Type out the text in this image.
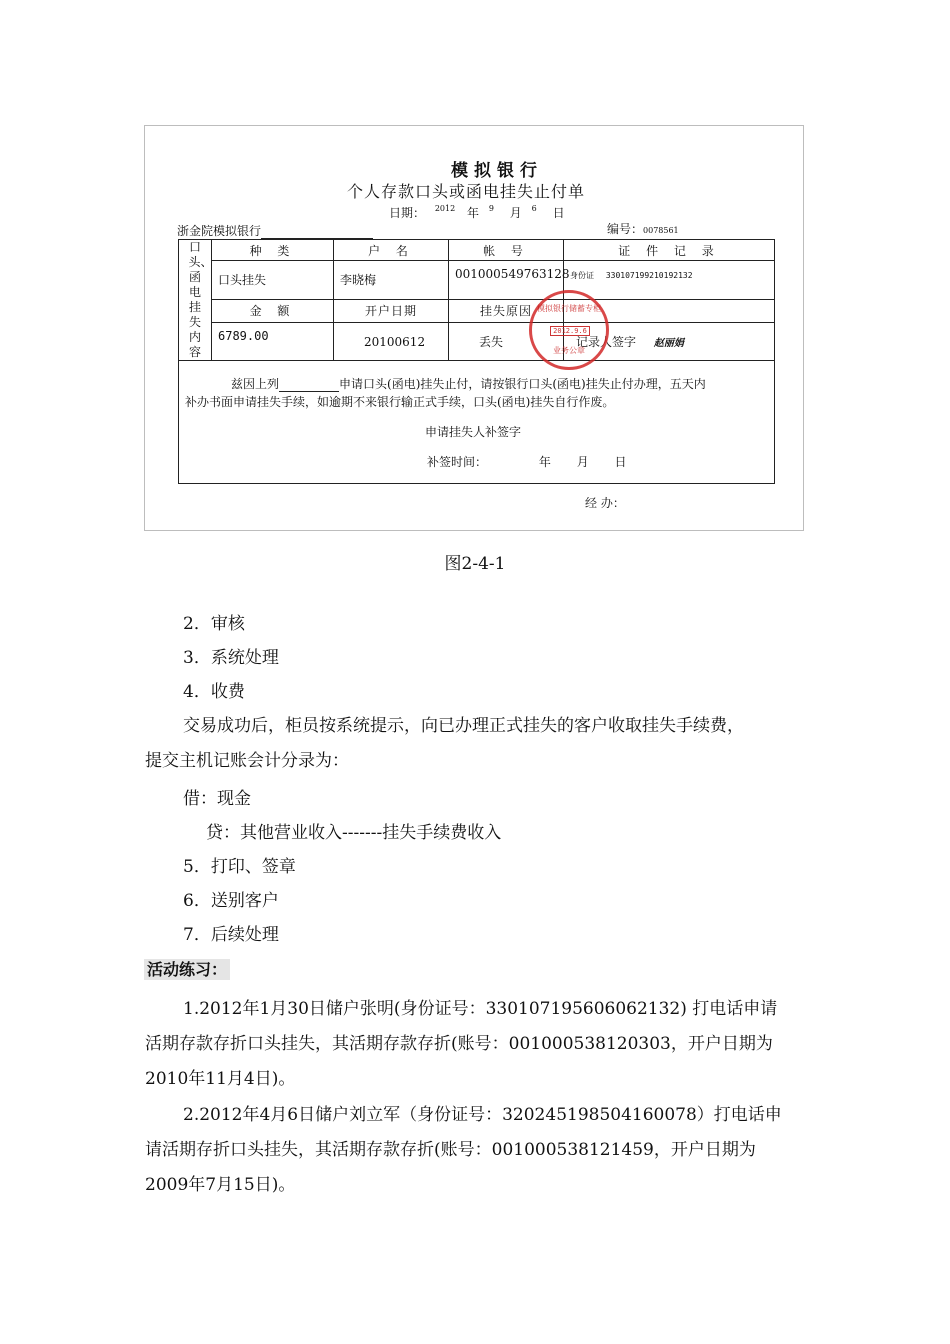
模拟银行
个人存款口头或函电挂失止付单
日期： $^{2012}$ 年 $^9$ 月 $^6$ 日
浙金院模拟银行	编号：0078561
口头、函电挂失内容	种 类	户 名	帐 号	证 件 记 录
	口头挂失	李晓梅	001000549763128	身份证 330107199210192132
	金 额	开户日期	挂失原因	
	6789.00	20100612	丢失	记录人签字 赵丽娟

兹因上列 申请口头(函电)挂失止付，请按银行口头(函电)挂失止付办理，五天内
补办书面申请挂失手续，如逾期不来银行输正式手续，口头(函电)挂失自行作废。
申请挂失人补签字
补签时间： 年 月 日				
模拟银行储蓄专柜
2012.9.6
业务公章
经 办：
图2-4-1
2．审核
3．系统处理
4．收费
交易成功后，柜员按系统提示，向已办理正式挂失的客户收取挂失手续费，
提交主机记账会计分录为：
借：现金
贷：其他营业收入-------挂失手续费收入
5．打印、签章
6．送别客户
7．后续处理
活动练习：
1.2012年1月30日储户张明(身份证号：330107195606062132) 打电话申请
活期存款存折口头挂失，其活期存款存折(账号：001000538120303，开户日期为
2010年11月4日)。
2.2012年4月6日储户刘立军（身份证号：320245198504160078）打电话申
请活期存折口头挂失，其活期存款存折(账号：001000538121459，开户日期为
2009年7月15日)。
